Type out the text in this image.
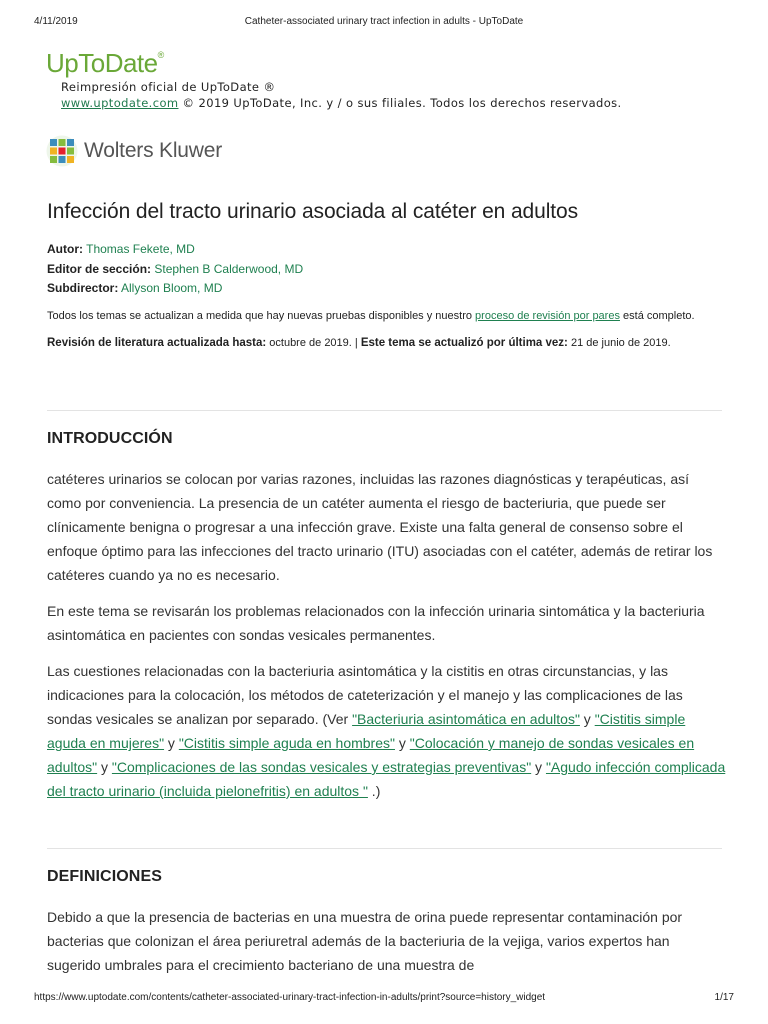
4/11/2019	Catheter-associated urinary tract infection in adults - UpToDate
UpToDate®
Reimpresión oficial de UpToDate ®
www.uptodate.com © 2019 UpToDate, Inc. y / o sus filiales. Todos los derechos reservados.
Wolters Kluwer
Infección del tracto urinario asociada al catéter en adultos
Autor: Thomas Fekete, MD
Editor de sección: Stephen B Calderwood, MD
Subdirector: Allyson Bloom, MD
Todos los temas se actualizan a medida que hay nuevas pruebas disponibles y nuestro proceso de revisión por pares está completo.
Revisión de literatura actualizada hasta: octubre de 2019. | Este tema se actualizó por última vez: 21 de junio de 2019.
INTRODUCCIÓN

catéteres urinarios se colocan por varias razones, incluidas las razones diagnósticas y terapéuticas, así como por conveniencia. La presencia de un catéter aumenta el riesgo de bacteriuria, que puede ser clínicamente benigna o progresar a una infección grave. Existe una falta general de consenso sobre el enfoque óptimo para las infecciones del tracto urinario (ITU) asociadas con el catéter, además de retirar los catéteres cuando ya no es necesario.

En este tema se revisarán los problemas relacionados con la infección urinaria sintomática y la bacteriuria asintomática en pacientes con sondas vesicales permanentes.

Las cuestiones relacionadas con la bacteriuria asintomática y la cistitis en otras circunstancias, y las indicaciones para la colocación, los métodos de cateterización y el manejo y las complicaciones de las sondas vesicales se analizan por separado. (Ver "Bacteriuria asintomática en adultos" y "Cistitis simple aguda en mujeres" y "Cistitis simple aguda en hombres" y "Colocación y manejo de sondas vesicales en adultos" y "Complicaciones de las sondas vesicales y estrategias preventivas" y "Agudo infección complicada del tracto urinario (incluida pielonefritis) en adultos " .)

DEFINICIONES

Debido a que la presencia de bacterias en una muestra de orina puede representar contaminación por bacterias que colonizan el área periuretral además de la bacteriuria de la vejiga, varios expertos han sugerido umbrales para el crecimiento bacteriano de una muestra de

https://www.uptodate.com/contents/catheter-associated-urinary-tract-infection-in-adults/print?source=history_widget	1/17
